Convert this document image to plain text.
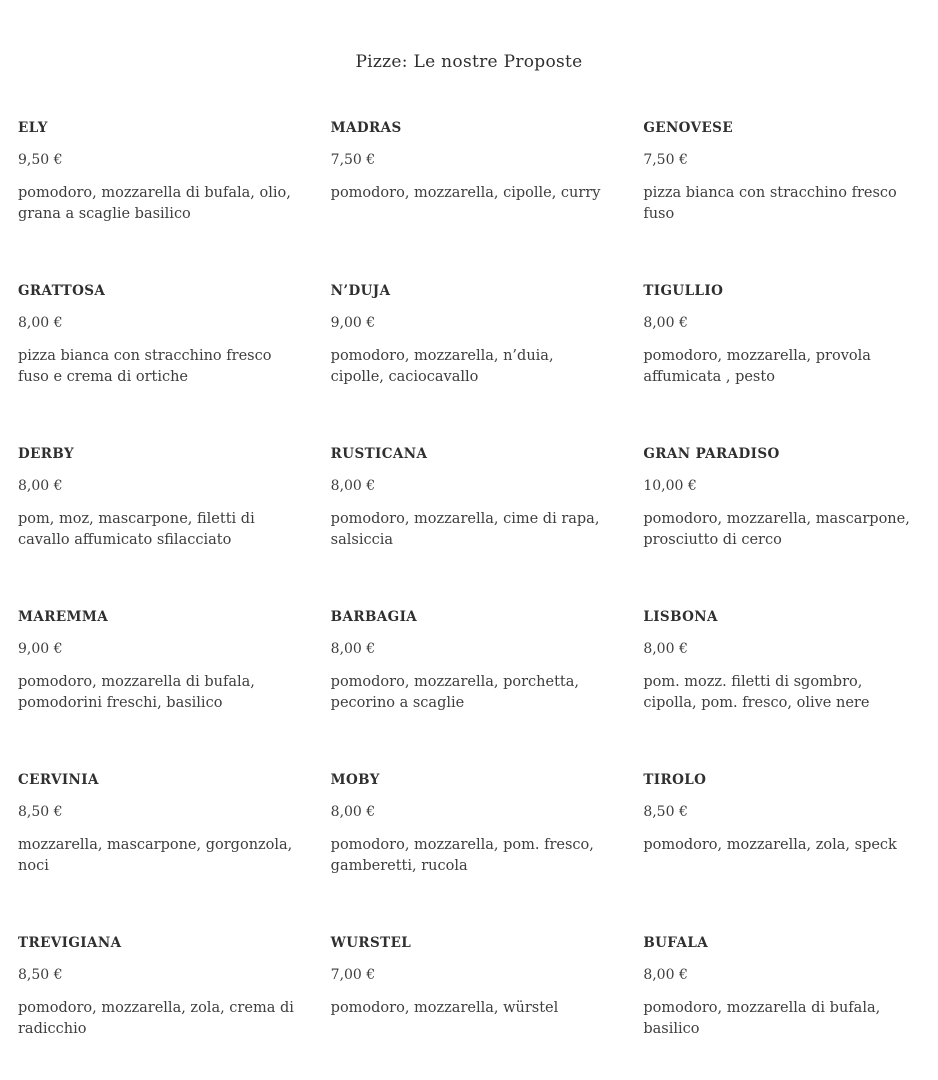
Pizze: Le nostre Proposte
ELY
9,50 €
pomodoro, mozzarella di bufala, olio, grana a scaglie basilico
MADRAS
7,50 €
pomodoro, mozzarella, cipolle, curry
GENOVESE
7,50 €
pizza bianca con stracchino fresco fuso
GRATTOSA
8,00 €
pizza bianca con stracchino fresco fuso e crema di ortiche
N’DUJA
9,00 €
pomodoro, mozzarella, n’duia, cipolle, caciocavallo
TIGULLIO
8,00 €
pomodoro, mozzarella, provola affumicata , pesto
DERBY
8,00 €
pom, moz, mascarpone, filetti di cavallo affumicato sfilacciato
RUSTICANA
8,00 €
pomodoro, mozzarella, cime di rapa, salsiccia
GRAN PARADISO
10,00 €
pomodoro, mozzarella, mascarpone, prosciutto di cerco
MAREMMA
9,00 €
pomodoro, mozzarella di bufala, pomodorini freschi, basilico
BARBAGIA
8,00 €
pomodoro, mozzarella, porchetta, pecorino a scaglie
LISBONA
8,00 €
pom. mozz. filetti di sgombro, cipolla, pom. fresco, olive nere
CERVINIA
8,50 €
mozzarella, mascarpone, gorgonzola, noci
MOBY
8,00 €
pomodoro, mozzarella, pom. fresco, gamberetti, rucola
TIROLO
8,50 €
pomodoro, mozzarella, zola, speck
TREVIGIANA
8,50 €
pomodoro, mozzarella, zola, crema di radicchio
WURSTEL
7,00 €
pomodoro, mozzarella, würstel
BUFALA
8,00 €
pomodoro, mozzarella di bufala, basilico
